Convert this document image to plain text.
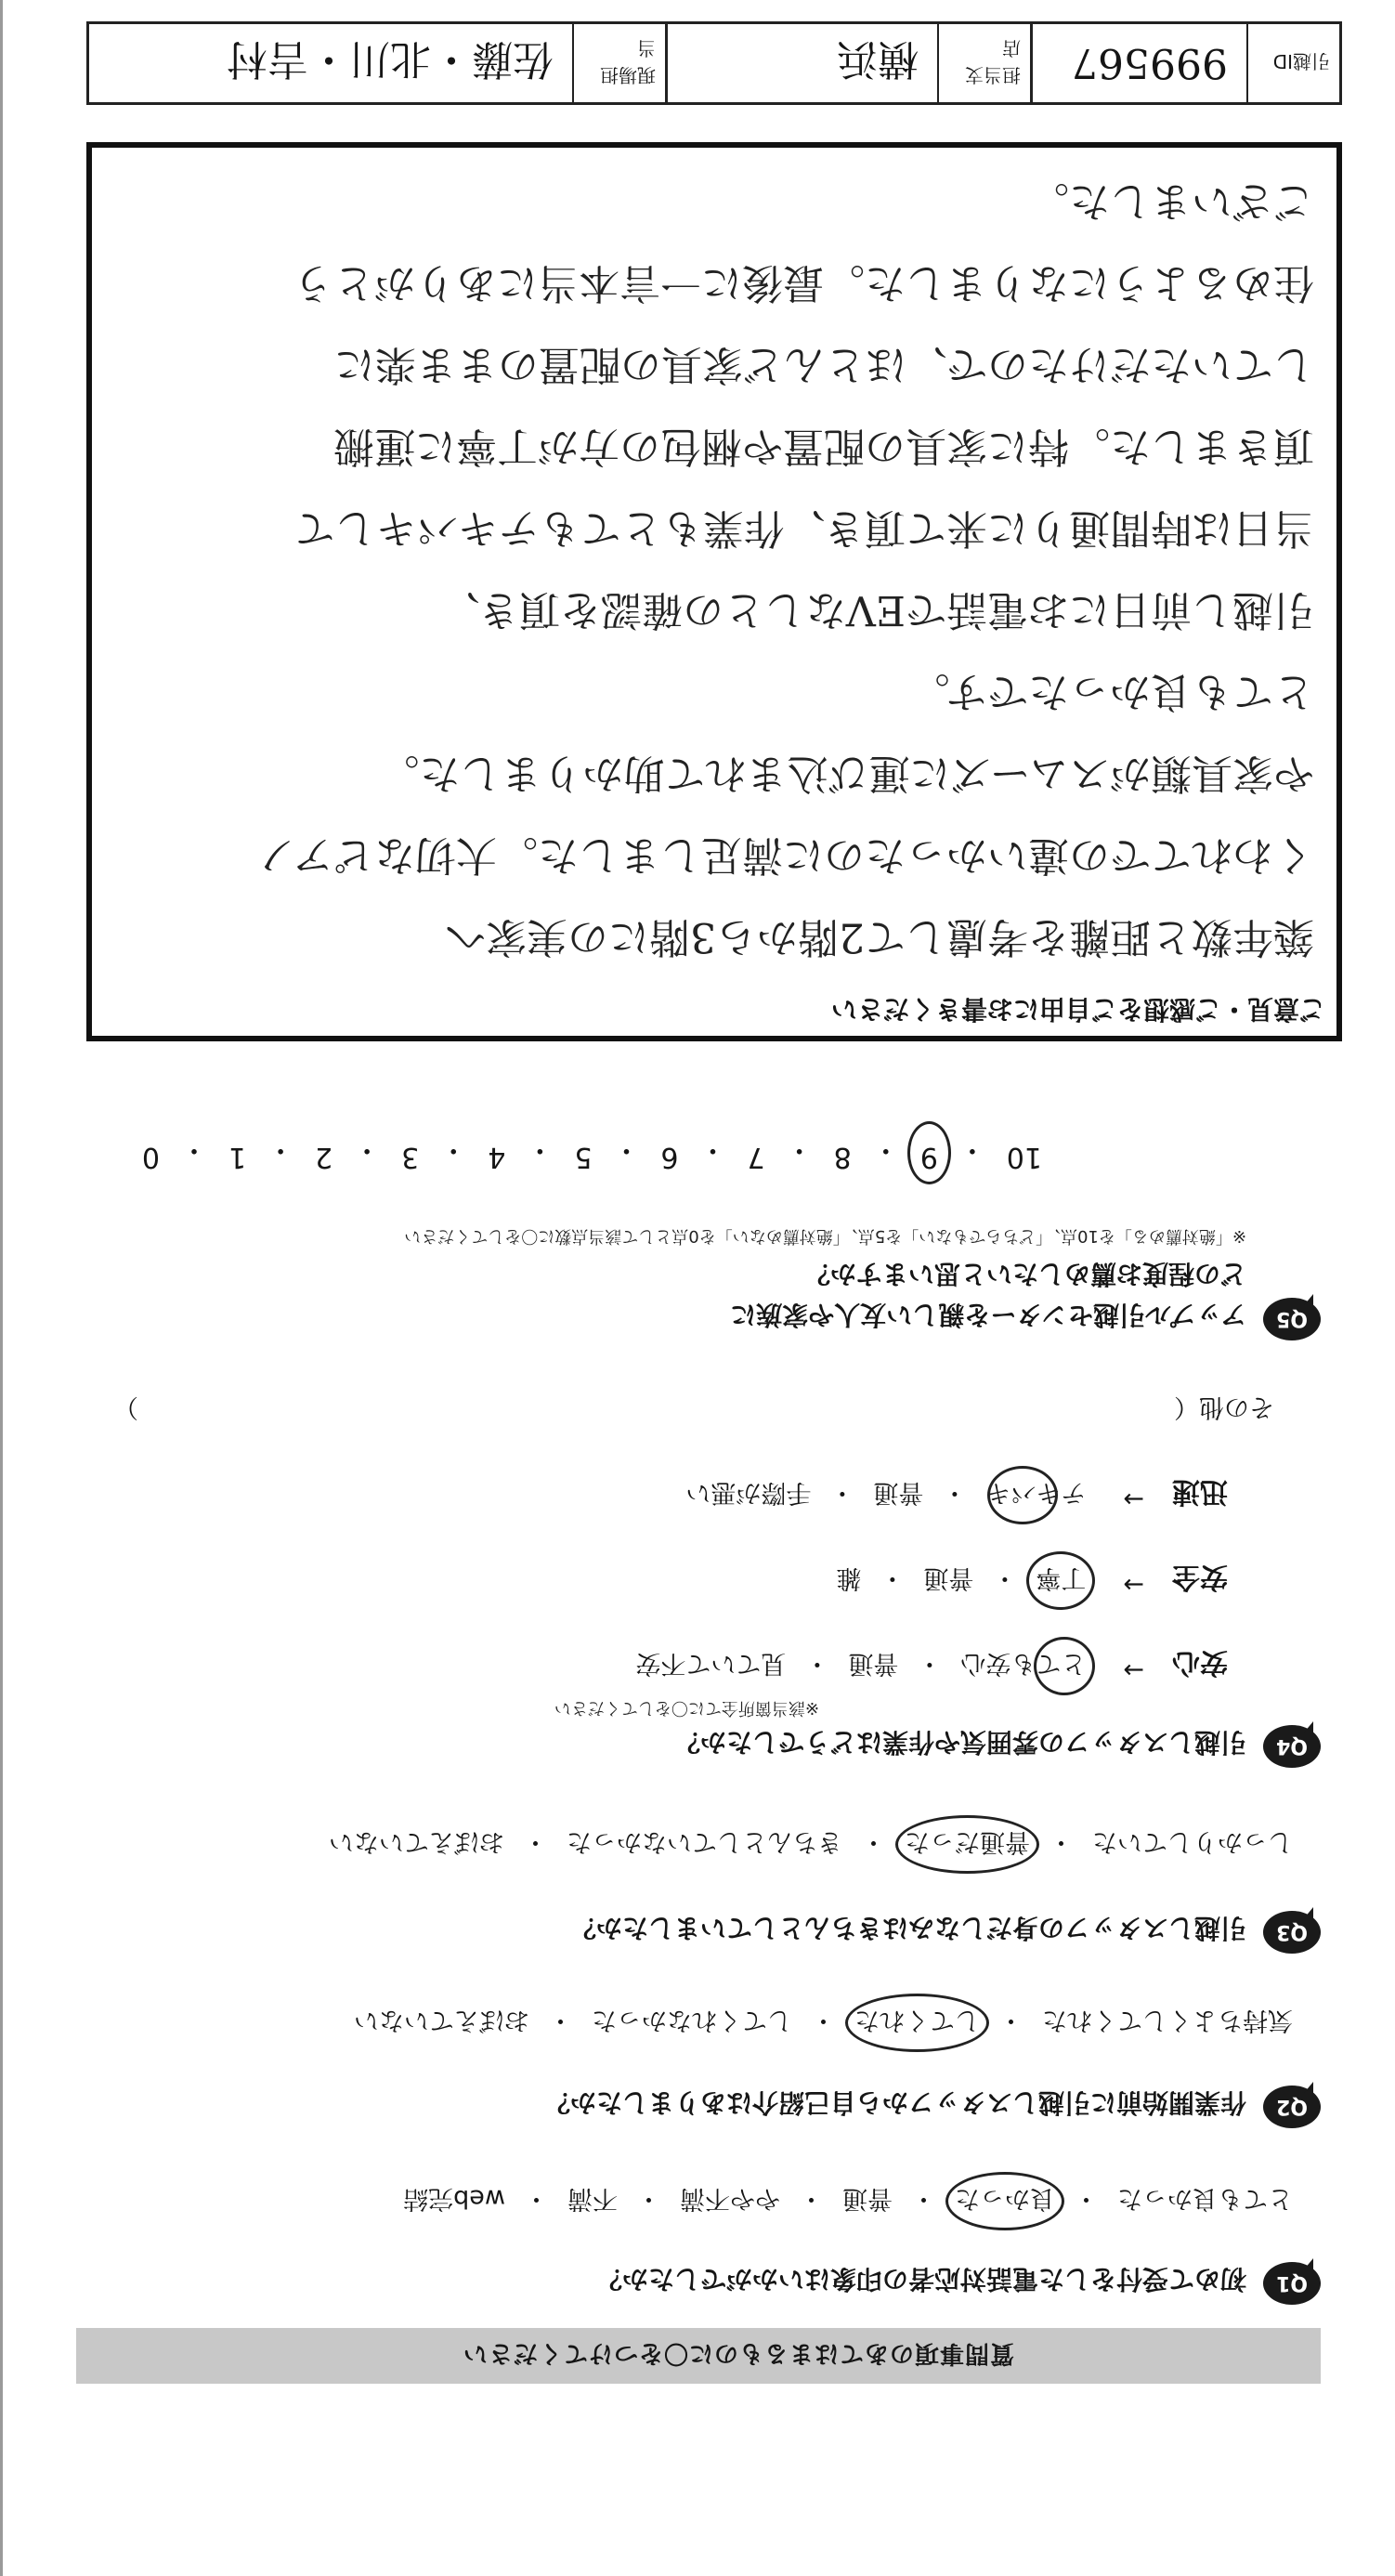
質問事項のあてはまるものに〇をつけてください
Q1
初めて受付をした電話対応者の印象はいかがでしたか？
とても良かった
・
良かった
・
普通
・
やや不満
・
不満
・
web完結
Q2
作業開始前に引越しスタッフから自己紹介はありましたか？
気持ちよくしてくれた
・
してくれた
・
してくれなかった
・
おぼえていない
Q3
引越しスタッフの身だしなみはきちんとしていましたか？
しっかりしていた
・
普通だった
・
きちんとしていなかった
・
おぼえていない
Q4
引越しスタッフの雰囲気や作業はどうでしたか？
※該当箇所全てに〇をしてください
安心
→
とても安心
・
普通
・
見ていて不安
安全
→
丁寧
・
普通
・
雑
迅速
→
テキパキ
・
普通
・
手際が悪い
その他（
）
Q5
アップル引越センターを親しい友人や家族に
どの程度お薦めしたいと思いますか？
※「絶対薦める」を10点、「どちらでもない」を5点、「絶対薦めない」を0点として該当点数に〇をしてください
10
・
9
・
8
・
7
・
6
・
5
・
4
・
3
・
2
・
1
・
0
ご意見・ご感想をご自由にお書きください
築年数と距離を考慮して2階から3階にの実家へ
くわれてでの違いかったのに満足しました。大切なピアノ
や家具類がスムーズに運び込まれて助かりました。
とても良かったです。
引越し前日にお電話でEVなしとの確認を頂き、
当日は時間通りに来て頂き、作業もとてもテキパキして
頂きました。特に家具の配置や梱包の方が丁寧に運搬
していただけたので、ほとんど家具の配置のまま楽に
住めるようになりました。最後に一言本当にありがとう
ございました。
引越ID
999567
担当支店
横浜
現場担当
佐藤・北川・吉村
